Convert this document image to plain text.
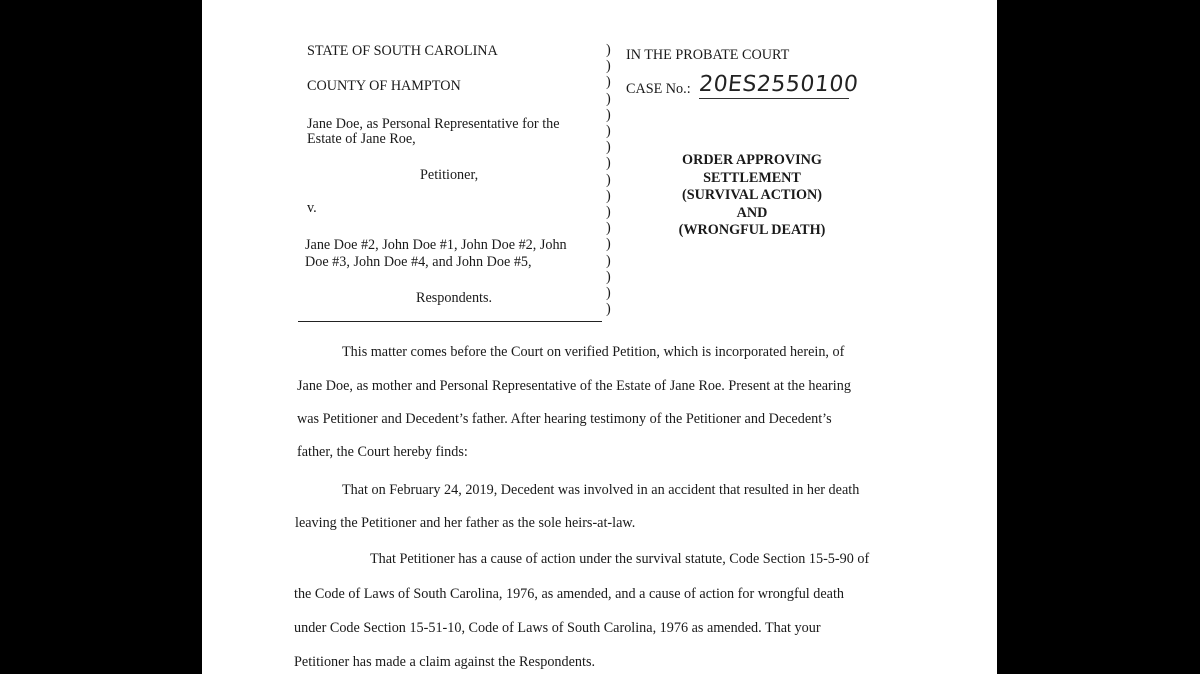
STATE OF SOUTH CAROLINA
COUNTY OF HAMPTON
Jane Doe, as Personal Representative for the
Estate of Jane Roe,
Petitioner,
v.
Jane Doe #2, John Doe #1, John Doe #2, John
Doe #3, John Doe #4, and John Doe #5,
Respondents.
)
)
)
)
)
)
)
)
)
)
)
)
)
)
)
)
)
IN THE PROBATE COURT
CASE No.: 20ES2550100
ORDER APPROVING
SETTLEMENT
(SURVIVAL ACTION)
AND
(WRONGFUL DEATH)
This matter comes before the Court on verified Petition, which is incorporated herein, of
Jane Doe, as mother and Personal Representative of the Estate of Jane Roe. Present at the hearing
was Petitioner and Decedent’s father. After hearing testimony of the Petitioner and Decedent’s
father, the Court hereby finds:
That on February 24, 2019, Decedent was involved in an accident that resulted in her death
leaving the Petitioner and her father as the sole heirs-at-law.
That Petitioner has a cause of action under the survival statute, Code Section 15-5-90 of
the Code of Laws of South Carolina, 1976, as amended, and a cause of action for wrongful death
under Code Section 15-51-10, Code of Laws of South Carolina, 1976 as amended. That your
Petitioner has made a claim against the Respondents.
